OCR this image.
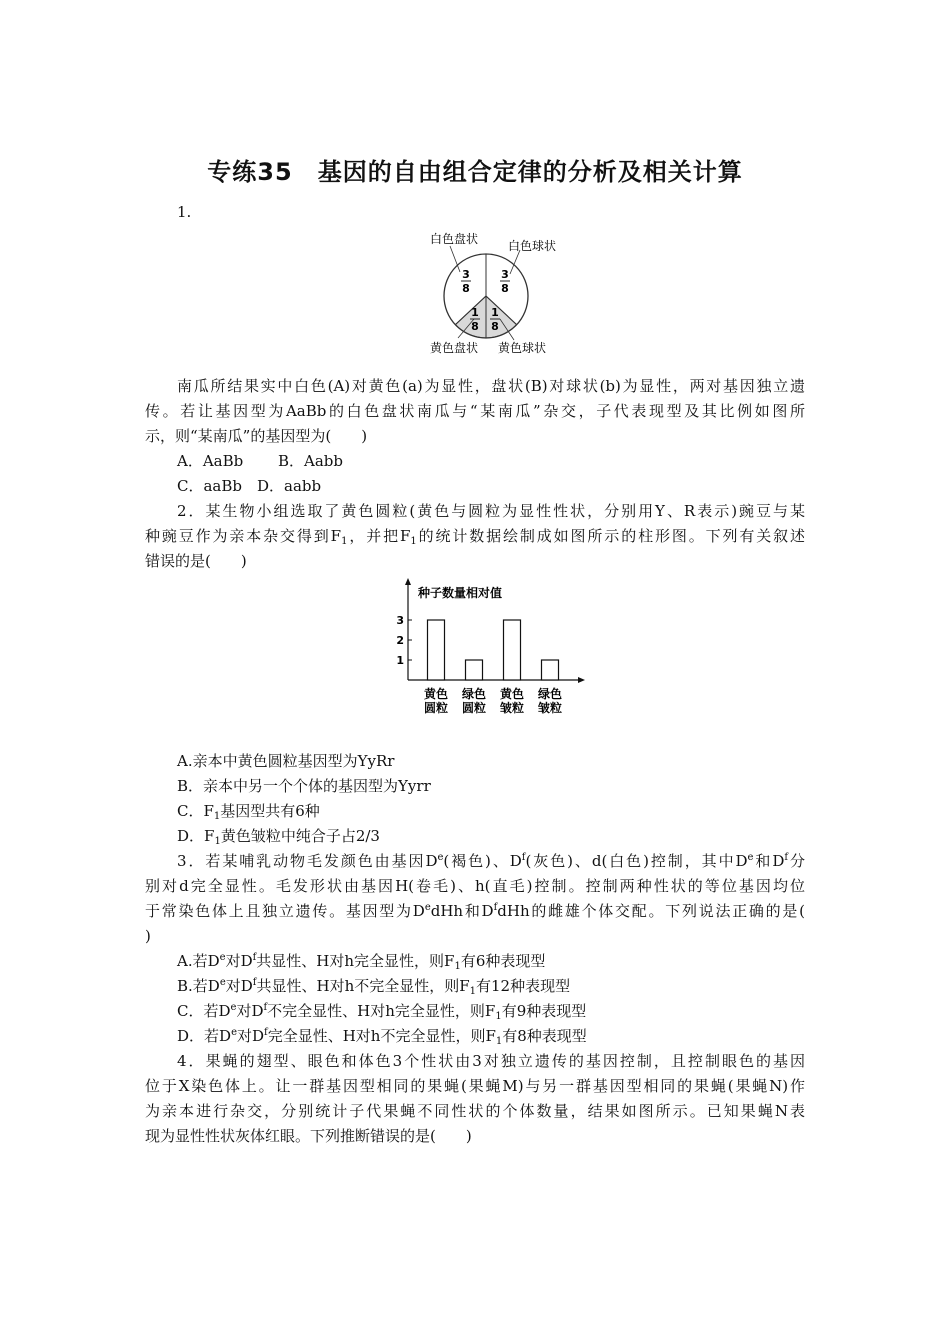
专练35　基因的自由组合定律的分析及相关计算
1.
白色盘状 白色球状
黄色盘状 黄色球状
3
8
3
8
1
8
1
8
南瓜所结果实中白色(A)对黄色(a)为显性，盘状(B)对球状(b)为显性，两对基因独立遗
传。若让基因型为AaBb的白色盘状南瓜与“某南瓜”杂交，子代表现型及其比例如图所
示，则“某南瓜”的基因型为(　　)
A．AaBb B．Aabb
C．aaBb D．aabb
2．某生物小组选取了黄色圆粒(黄色与圆粒为显性性状，分别用Y、R表示)豌豆与某
种豌豆作为亲本杂交得到$F_1$，并把$F_1$的统计数据绘制成如图所示的柱形图。下列有关叙述
错误的是(　　)
种子数量相对值
1
2
3
黄色
圆粒
绿色
圆粒
黄色
皱粒
绿色
皱粒
A.亲本中黄色圆粒基因型为YyRr
B．亲本中另一个个体的基因型为Yyrr
C．$F_1$基因型共有6种
D．$F_1$黄色皱粒中纯合子占2/3
3．若某哺乳动物毛发颜色由基因De(褐色)、$D^f$(灰色)、d(白色)控制，其中De和$D^f$分
别对d完全显性。毛发形状由基因H(卷毛)、h(直毛)控制。控制两种性状的等位基因均位
于常染色体上且独立遗传。基因型为DedHh和$D^fdHh$的雌雄个体交配。下列说法正确的是(
)
A.若De对$D^f$共显性、H对h完全显性，则$F_1$有6种表现型
B.若De对$D^f$共显性、H对h不完全显性，则$F_1$有12种表现型
C．若De对$D^f$不完全显性、H对h完全显性，则$F_1$有9种表现型
D．若De对$D^f$完全显性、H对h不完全显性，则$F_1$有8种表现型
4．果蝇的翅型、眼色和体色3个性状由3对独立遗传的基因控制，且控制眼色的基因
位于X染色体上。让一群基因型相同的果蝇(果蝇M)与另一群基因型相同的果蝇(果蝇N)作
为亲本进行杂交，分别统计子代果蝇不同性状的个体数量，结果如图所示。已知果蝇N表
现为显性性状灰体红眼。下列推断错误的是(　　)
